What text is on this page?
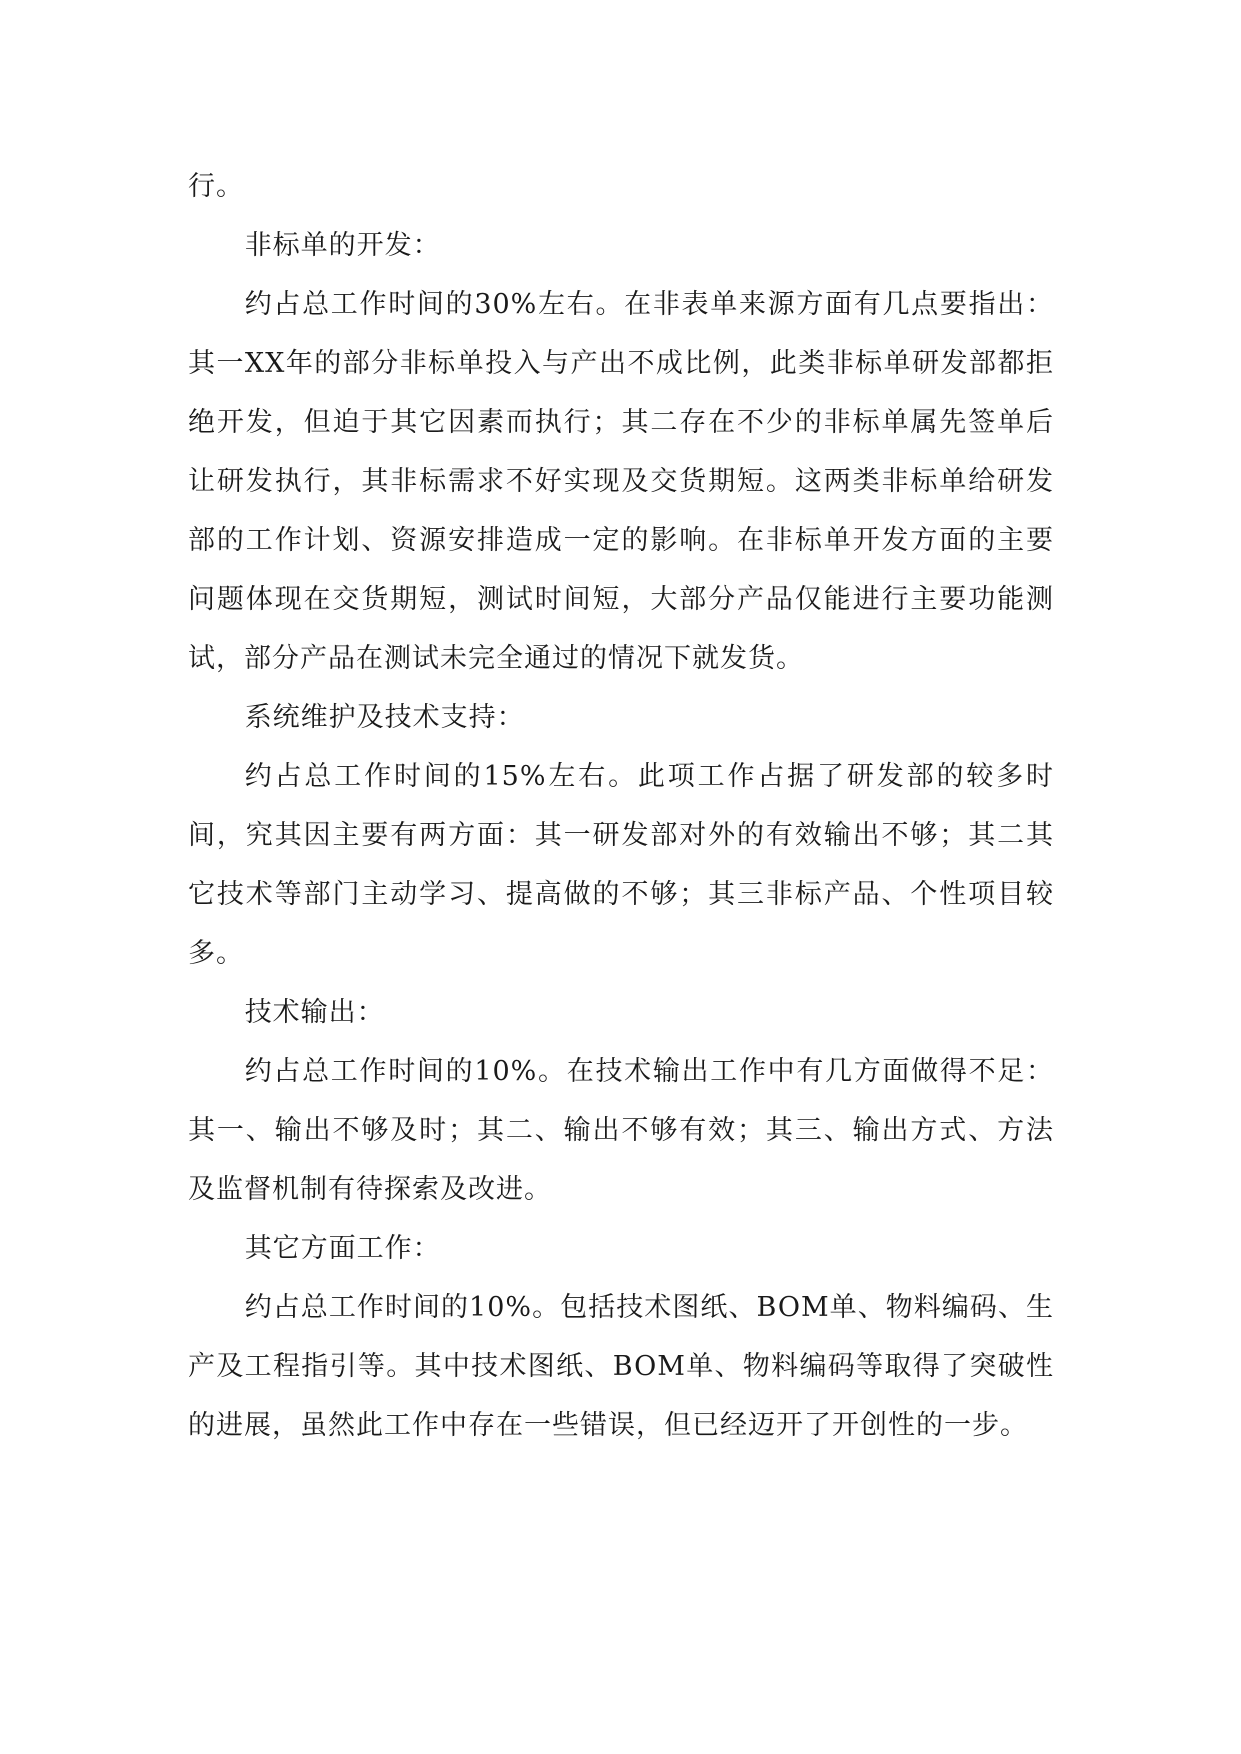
行。

非标单的开发：

约占总工作时间的30%左右。在非表单来源方面有几点要指出：其一XX年的部分非标单投入与产出不成比例，此类非标单研发部都拒绝开发，但迫于其它因素而执行；其二存在不少的非标单属先签单后让研发执行，其非标需求不好实现及交货期短。这两类非标单给研发部的工作计划、资源安排造成一定的影响。在非标单开发方面的主要问题体现在交货期短，测试时间短，大部分产品仅能进行主要功能测试，部分产品在测试未完全通过的情况下就发货。

系统维护及技术支持：

约占总工作时间的15%左右。此项工作占据了研发部的较多时间，究其因主要有两方面：其一研发部对外的有效输出不够；其二其它技术等部门主动学习、提高做的不够；其三非标产品、个性项目较多。

技术输出：

约占总工作时间的10%。在技术输出工作中有几方面做得不足：其一、输出不够及时；其二、输出不够有效；其三、输出方式、方法及监督机制有待探索及改进。

其它方面工作：

约占总工作时间的10%。包括技术图纸、BOM单、物料编码、生产及工程指引等。其中技术图纸、BOM单、物料编码等取得了突破性的进展，虽然此工作中存在一些错误，但已经迈开了开创性的一步。
